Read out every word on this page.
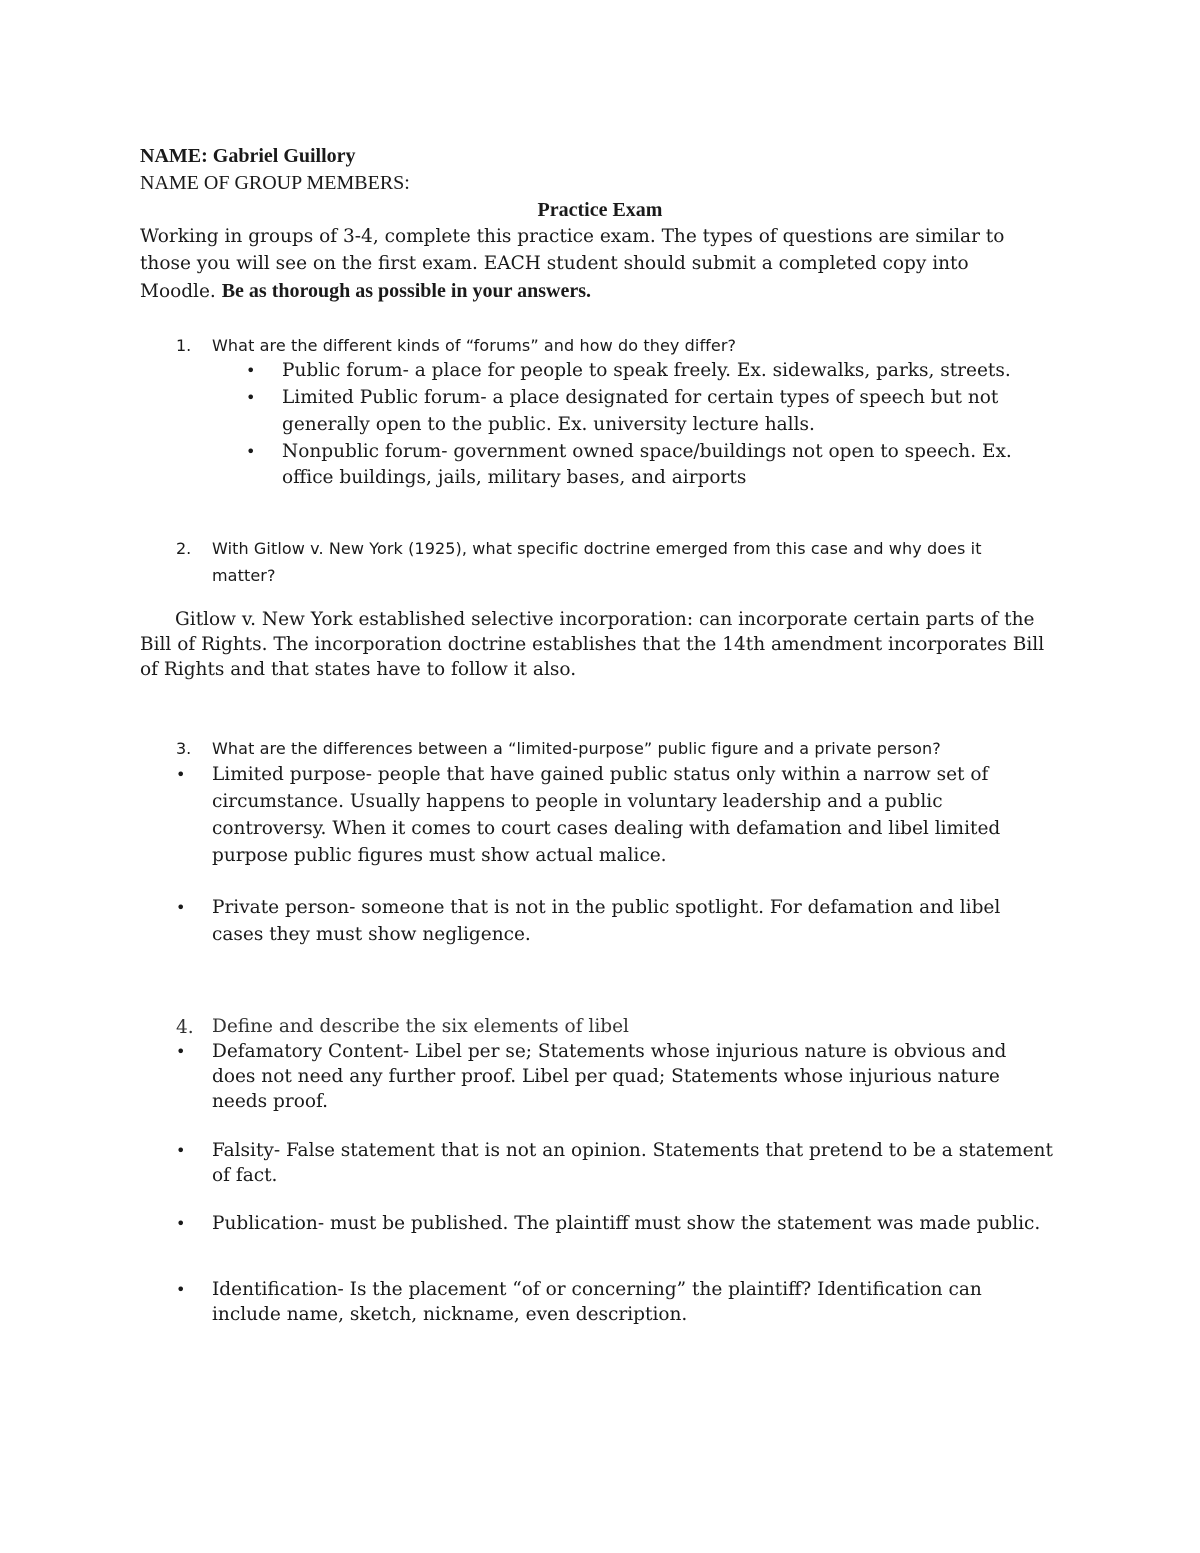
NAME: Gabriel Guillory
NAME OF GROUP MEMBERS:
Practice Exam
Working in groups of 3-4, complete this practice exam. The types of questions are similar to
those you will see on the first exam. EACH student should submit a completed copy into
Moodle. Be as thorough as possible in your answers.
1. What are the different kinds of “forums” and how do they differ?
• Public forum- a place for people to speak freely. Ex. sidewalks, parks, streets.
• Limited Public forum- a place designated for certain types of speech but not
generally open to the public. Ex. university lecture halls.
• Nonpublic forum- government owned space/buildings not open to speech. Ex.
office buildings, jails, military bases, and airports
2. With Gitlow v. New York (1925), what specific doctrine emerged from this case and why does it
matter?
Gitlow v. New York established selective incorporation: can incorporate certain parts of the
Bill of Rights. The incorporation doctrine establishes that the 14th amendment incorporates Bill
of Rights and that states have to follow it also.
3. What are the differences between a “limited-purpose” public figure and a private person?
• Limited purpose- people that have gained public status only within a narrow set of
circumstance. Usually happens to people in voluntary leadership and a public
controversy. When it comes to court cases dealing with defamation and libel limited
purpose public figures must show actual malice.
• Private person- someone that is not in the public spotlight. For defamation and libel
cases they must show negligence.
4. Define and describe the six elements of libel
• Defamatory Content- Libel per se; Statements whose injurious nature is obvious and
does not need any further proof. Libel per quad; Statements whose injurious nature
needs proof.
• Falsity- False statement that is not an opinion. Statements that pretend to be a statement
of fact.
• Publication- must be published. The plaintiff must show the statement was made public.
• Identification- Is the placement “of or concerning” the plaintiff? Identification can
include name, sketch, nickname, even description.
